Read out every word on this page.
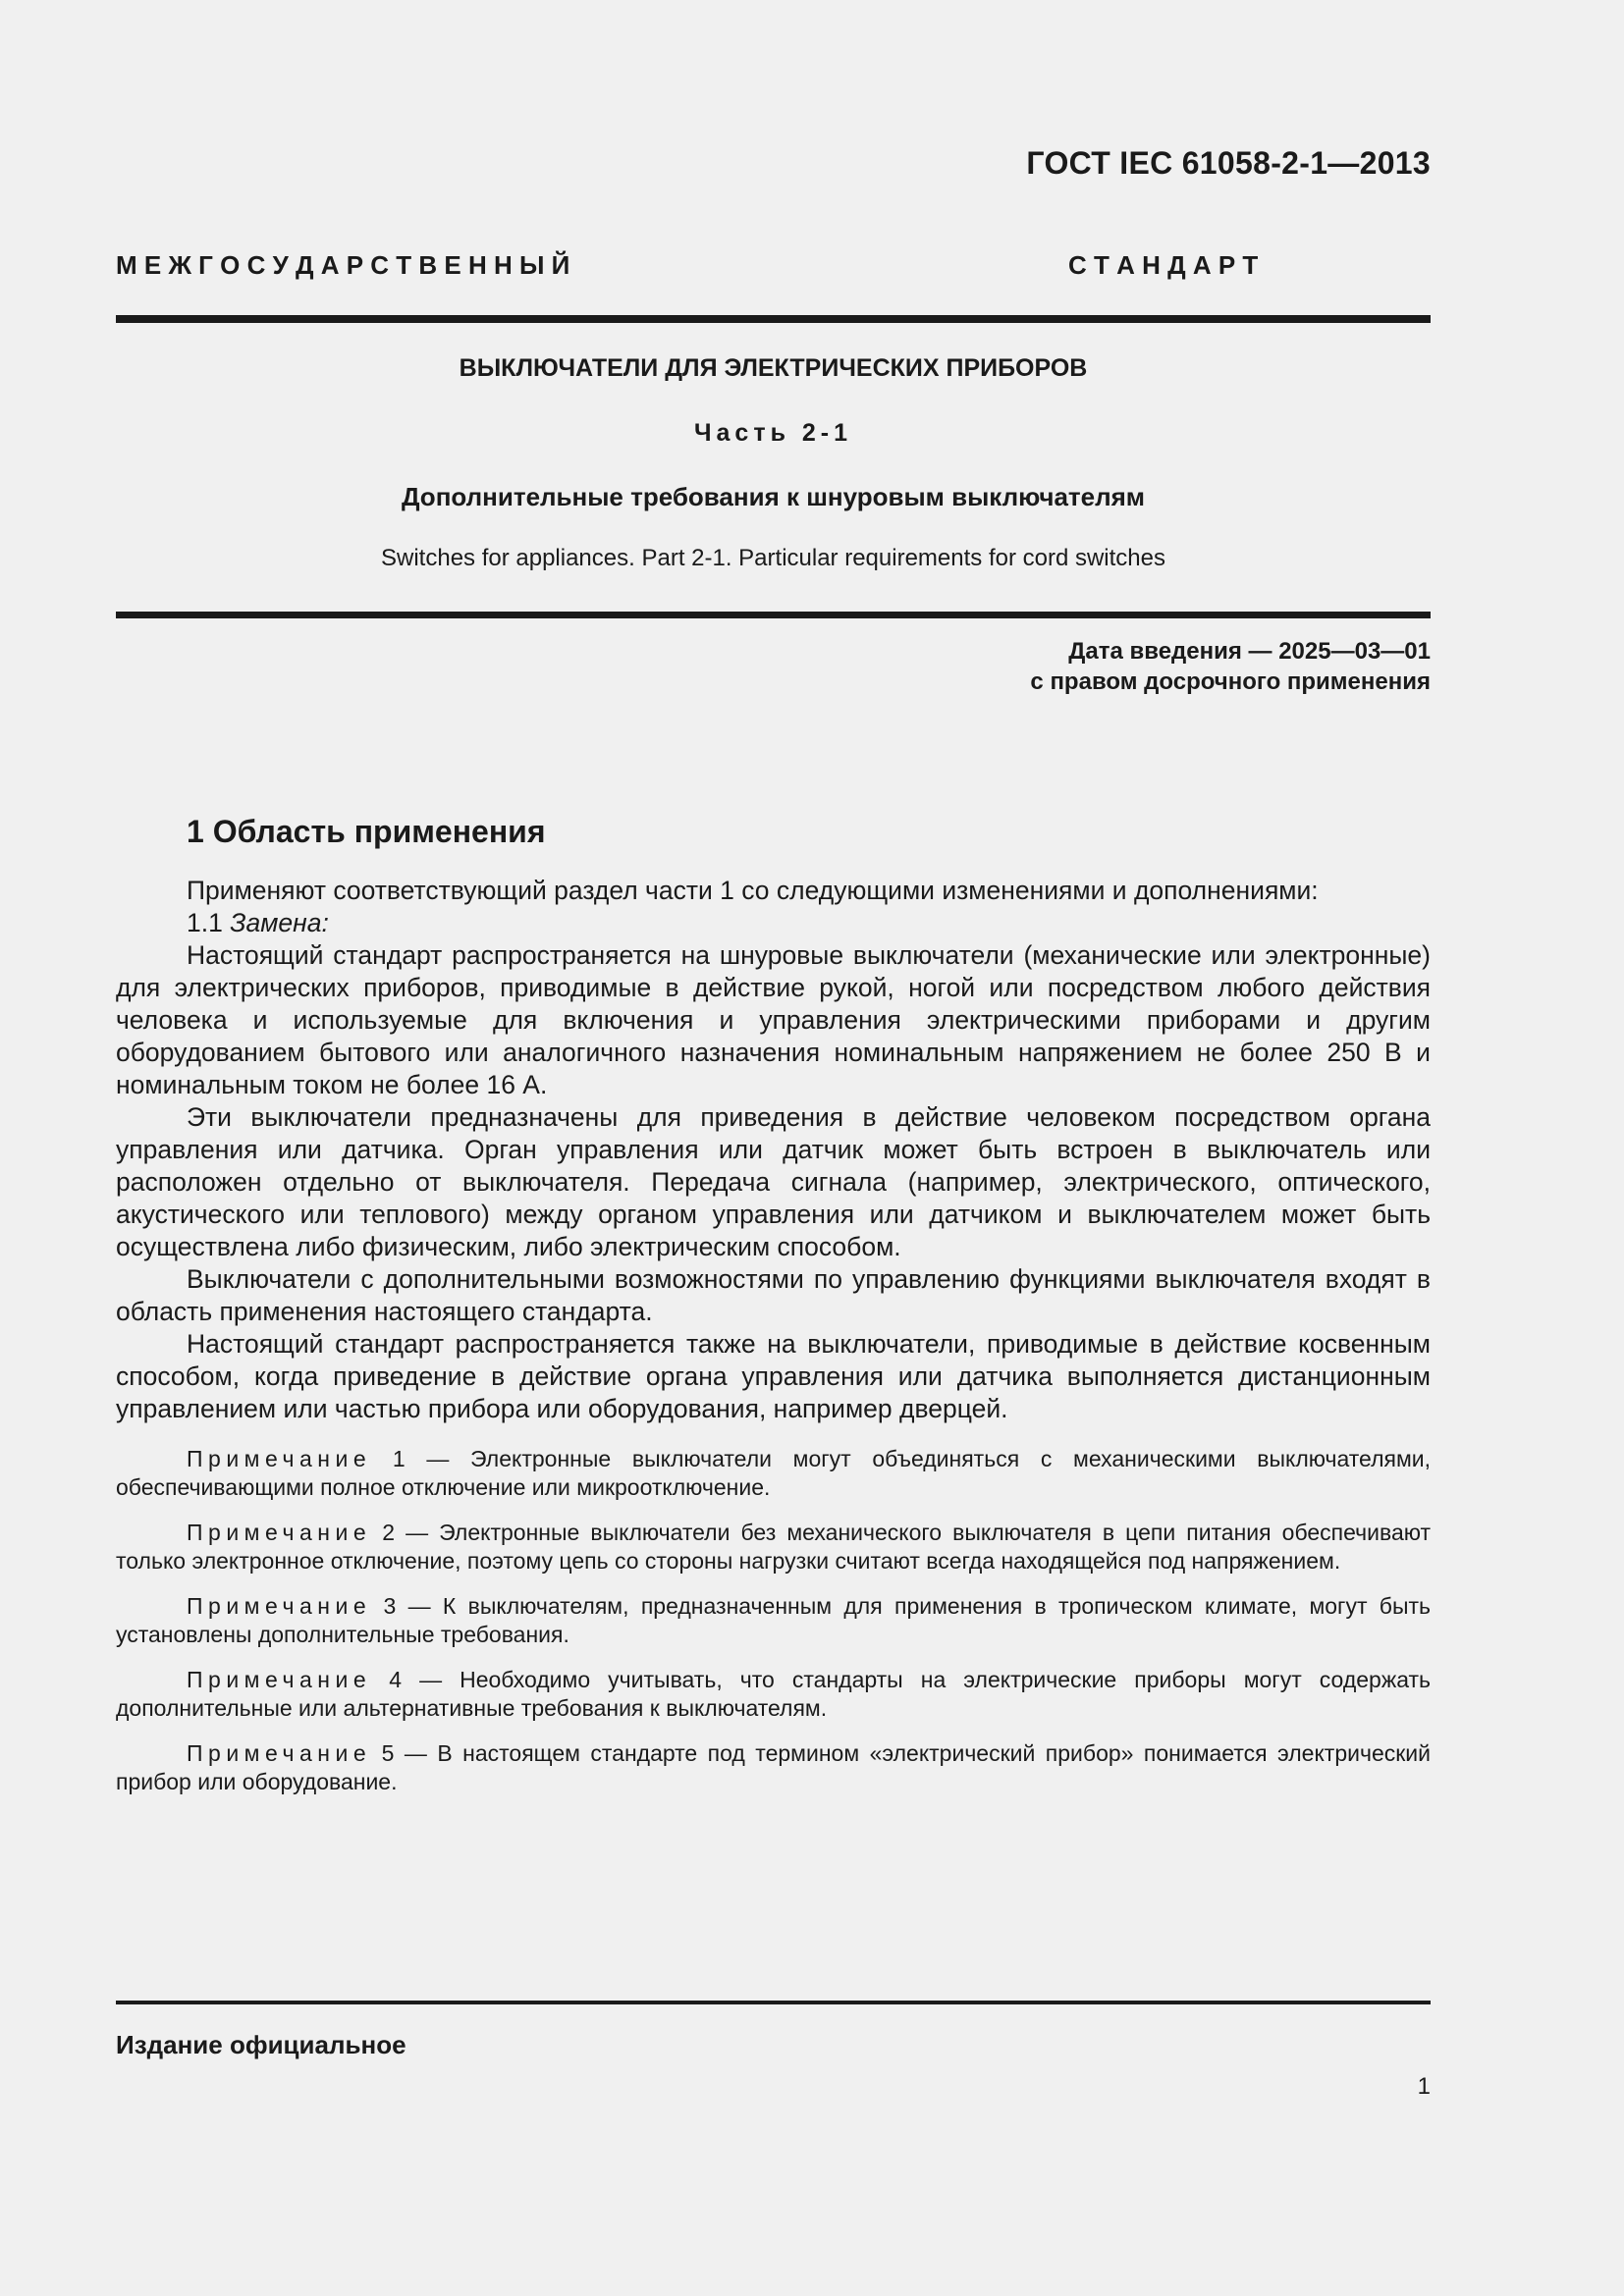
ГОСТ IEC 61058-2-1—2013
М Е Ж Г О С У Д А Р С Т В Е Н Н Ы Й	С Т А Н Д А Р Т
ВЫКЛЮЧАТЕЛИ ДЛЯ ЭЛЕКТРИЧЕСКИХ ПРИБОРОВ
Часть 2-1
Дополнительные требования к шнуровым выключателям
Switches for appliances. Part 2-1. Particular requirements for cord switches
Дата введения — 2025—03—01
с правом досрочного применения
1 Область применения

Применяют соответствующий раздел части 1 со следующими изменениями и дополнениями:

1.1 Замена:

Настоящий стандарт распространяется на шнуровые выключатели (механические или электронные) для электрических приборов, приводимые в действие рукой, ногой или посредством любого действия человека и используемые для включения и управления электрическими приборами и другим оборудованием бытового или аналогичного назначения номинальным напряжением не более 250 В и номинальным током не более 16 А.

Эти выключатели предназначены для приведения в действие человеком посредством органа управления или датчика. Орган управления или датчик может быть встроен в выключатель или расположен отдельно от выключателя. Передача сигнала (например, электрического, оптического, акустического или теплового) между органом управления или датчиком и выключателем может быть осуществлена либо физическим, либо электрическим способом.

Выключатели с дополнительными возможностями по управлению функциями выключателя входят в область применения настоящего стандарта.

Настоящий стандарт распространяется также на выключатели, приводимые в действие косвенным способом, когда приведение в действие органа управления или датчика выполняется дистанционным управлением или частью прибора или оборудования, например дверцей.

Примечание 1 — Электронные выключатели могут объединяться с механическими выключателями, обеспечивающими полное отключение или микроотключение.

Примечание 2 — Электронные выключатели без механического выключателя в цепи питания обеспечивают только электронное отключение, поэтому цепь со стороны нагрузки считают всегда находящейся под напряжением.

Примечание 3 — К выключателям, предназначенным для применения в тропическом климате, могут быть установлены дополнительные требования.

Примечание 4 — Необходимо учитывать, что стандарты на электрические приборы могут содержать дополнительные или альтернативные требования к выключателям.

Примечание 5 — В настоящем стандарте под термином «электрический прибор» понимается электрический прибор или оборудование.

Издание официальное
1
